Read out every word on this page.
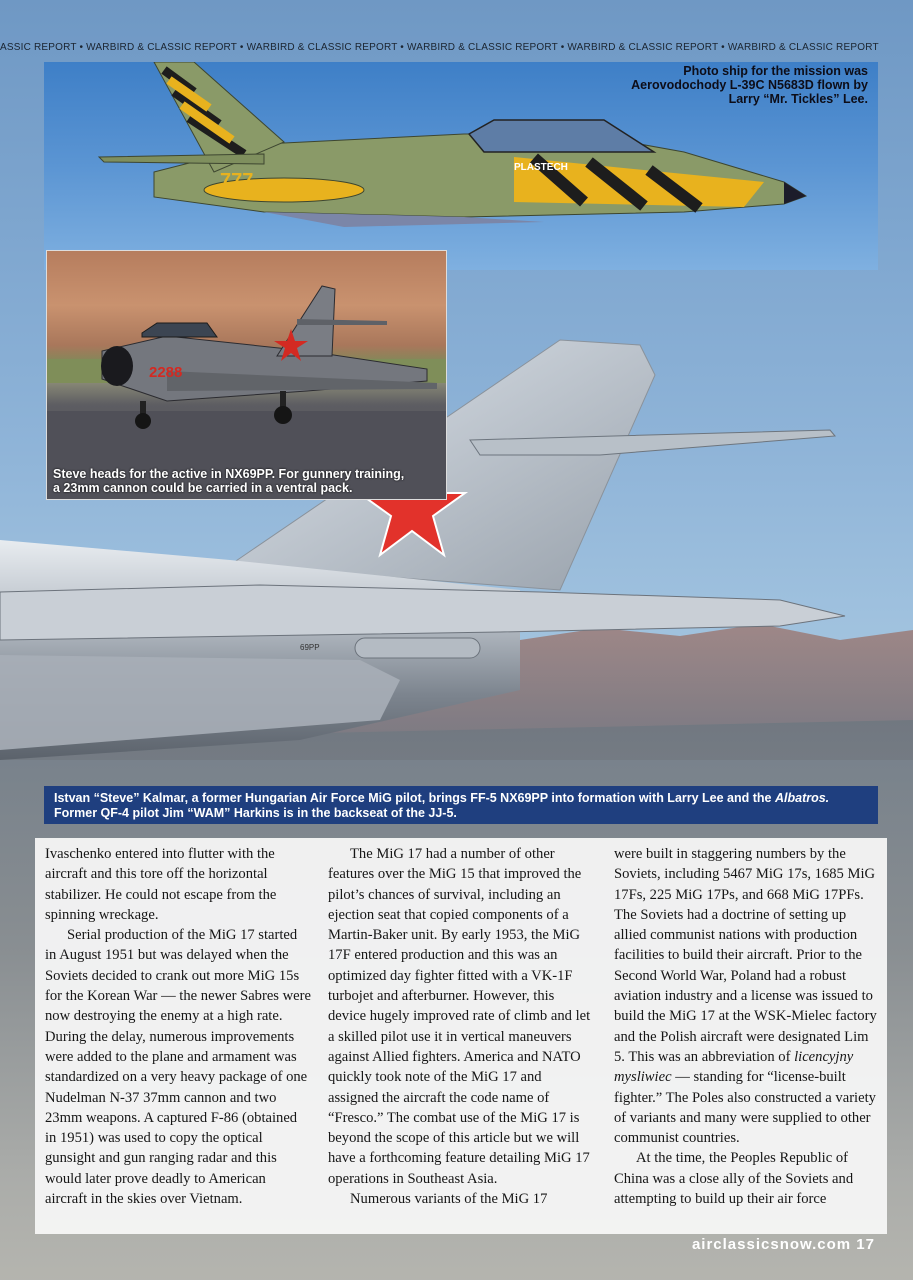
69PP
ASSIC REPORT • WARBIRD & CLASSIC REPORT • WARBIRD & CLASSIC REPORT • WARBIRD & CLASSIC REPORT • WARBIRD & CLASSIC REPORT • WARBIRD & CLASSIC REPORT
777
PLASTECH
Photo ship for the mission was Aerovodochody L-39C N5683D flown by Larry “Mr. Tickles” Lee.
2288
Steve heads for the active in NX69PP. For gunnery training, a 23mm cannon could be carried in a ventral pack.
Istvan “Steve” Kalmar, a former Hungarian Air Force MiG pilot, brings FF-5 NX69PP into formation with Larry Lee and the Albatros. Former QF-4 pilot Jim “WAM” Harkins is in the backseat of the JJ-5.

Ivaschenko entered into flutter with the aircraft and this tore off the horizontal stabilizer. He could not escape from the spinning wreckage.

Serial production of the MiG 17 started in August 1951 but was delayed when the Soviets decided to crank out more MiG 15s for the Korean War — the newer Sabres were now destroying the enemy at a high rate. During the delay, numerous improvements were added to the plane and armament was standardized on a very heavy package of one Nudelman N-37 37mm cannon and two 23mm weapons. A captured F-86 (obtained in 1951) was used to copy the optical gunsight and gun ranging radar and this would later prove deadly to American aircraft in the skies over Vietnam.

The MiG 17 had a number of other features over the MiG 15 that improved the pilot’s chances of survival, including an ejection seat that copied components of a Martin-Baker unit. By early 1953, the MiG 17F entered production and this was an optimized day fighter fitted with a VK-1F turbojet and afterburner. However, this device hugely improved rate of climb and let a skilled pilot use it in vertical maneuvers against Allied fighters. America and NATO quickly took note of the MiG 17 and assigned the aircraft the code name of “Fresco.” The combat use of the MiG 17 is beyond the scope of this article but we will have a forthcoming feature detailing MiG 17 operations in Southeast Asia.

Numerous variants of the MiG 17

were built in staggering numbers by the Soviets, including 5467 MiG 17s, 1685 MiG 17Fs, 225 MiG 17Ps, and 668 MiG 17PFs. The Soviets had a doctrine of setting up allied communist nations with production facilities to build their aircraft. Prior to the Second World War, Poland had a robust aviation industry and a license was issued to build the MiG 17 at the WSK-Mielec factory and the Polish aircraft were designated Lim 5. This was an abbreviation of licencyjny mysliwiec — standing for “license-built fighter.” The Poles also constructed a variety of variants and many were supplied to other communist countries.

At the time, the Peoples Republic of China was a close ally of the Soviets and attempting to build up their air force

airclassicsnow.com 17
